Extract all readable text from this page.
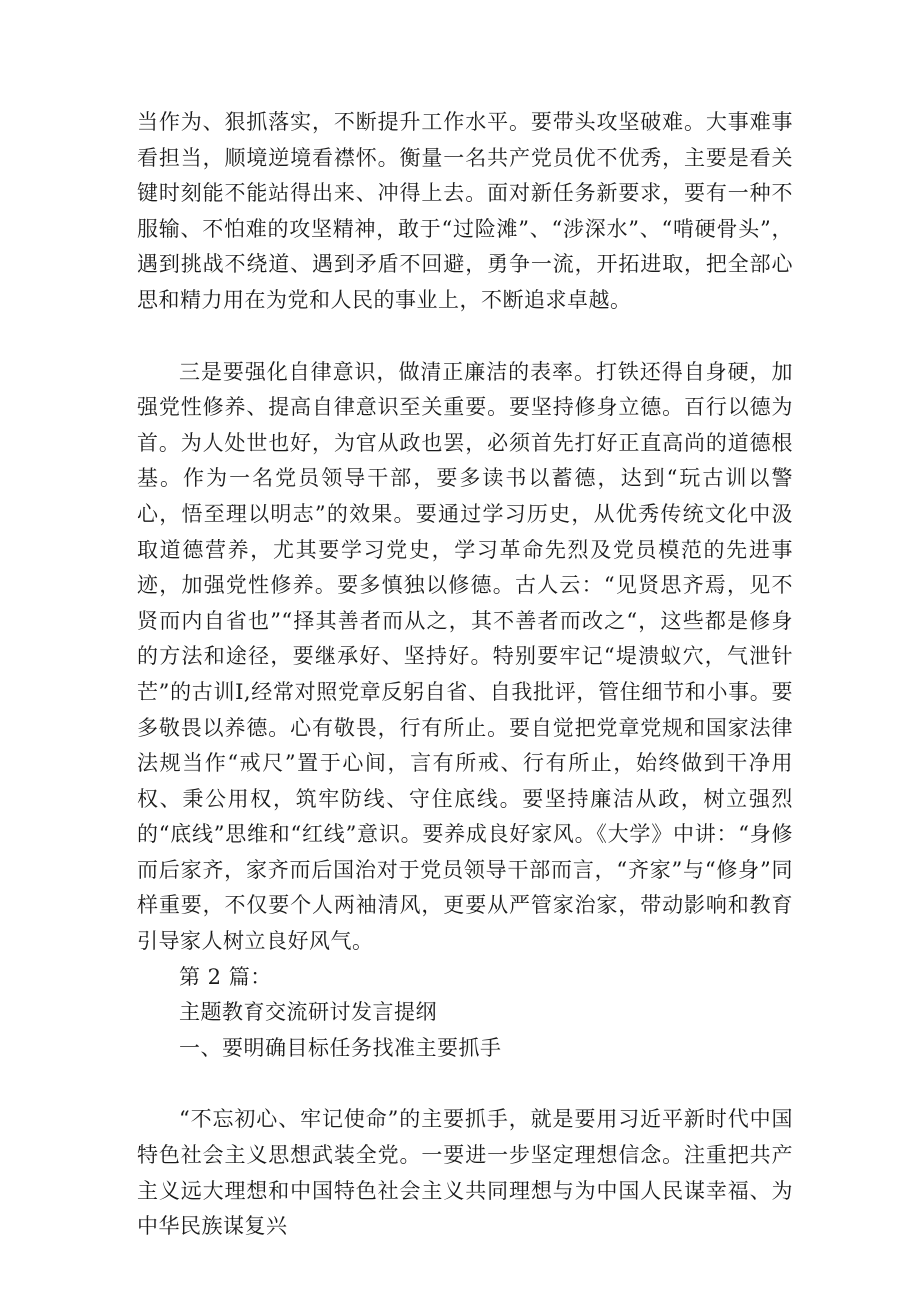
当作为、狠抓落实，不断提升工作水平。要带头攻坚破难。大事难事看担当，顺境逆境看襟怀。衡量一名共产党员优不优秀，主要是看关键时刻能不能站得出来、冲得上去。面对新任务新要求，要有一种不服输、不怕难的攻坚精神，敢于“过险滩”、“涉深水”、“啃硬骨头”，遇到挑战不绕道、遇到矛盾不回避，勇争一流，开拓进取，把全部心思和精力用在为党和人民的事业上，不断追求卓越。

三是要强化自律意识，做清正廉洁的表率。打铁还得自身硬，加强党性修养、提高自律意识至关重要。要坚持修身立德。百行以德为首。为人处世也好，为官从政也罢，必须首先打好正直高尚的道德根基。作为一名党员领导干部，要多读书以蓄德，达到“玩古训以警心，悟至理以明志”的效果。要通过学习历史，从优秀传统文化中汲取道德营养，尤其要学习党史，学习革命先烈及党员模范的先进事迹，加强党性修养。要多慎独以修德。古人云：“见贤思齐焉，见不贤而内自省也”“择其善者而从之，其不善者而改之“，这些都是修身的方法和途径，要继承好、坚持好。特别要牢记“堤溃蚁穴，气泄针芒”的古训I,经常对照党章反躬自省、自我批评，管住细节和小事。要多敬畏以养德。心有敬畏，行有所止。要自觉把党章党规和国家法律法规当作“戒尺”置于心间，言有所戒、行有所止，始终做到干净用权、秉公用权，筑牢防线、守住底线。要坚持廉洁从政，树立强烈的“底线”思维和“红线”意识。要养成良好家风。《大学》中讲：“身修而后家齐，家齐而后国治对于党员领导干部而言，“齐家”与“修身”同样重要，不仅要个人两袖清风，更要从严管家治家，带动影响和教育引导家人树立良好风气。

第 2 篇：

主题教育交流研讨发言提纲

一、要明确目标任务找准主要抓手

“不忘初心、牢记使命”的主要抓手，就是要用习近平新时代中国特色社会主义思想武装全党。一要进一步坚定理想信念。注重把共产主义远大理想和中国特色社会主义共同理想与为中国人民谋幸福、为中华民族谋复兴
